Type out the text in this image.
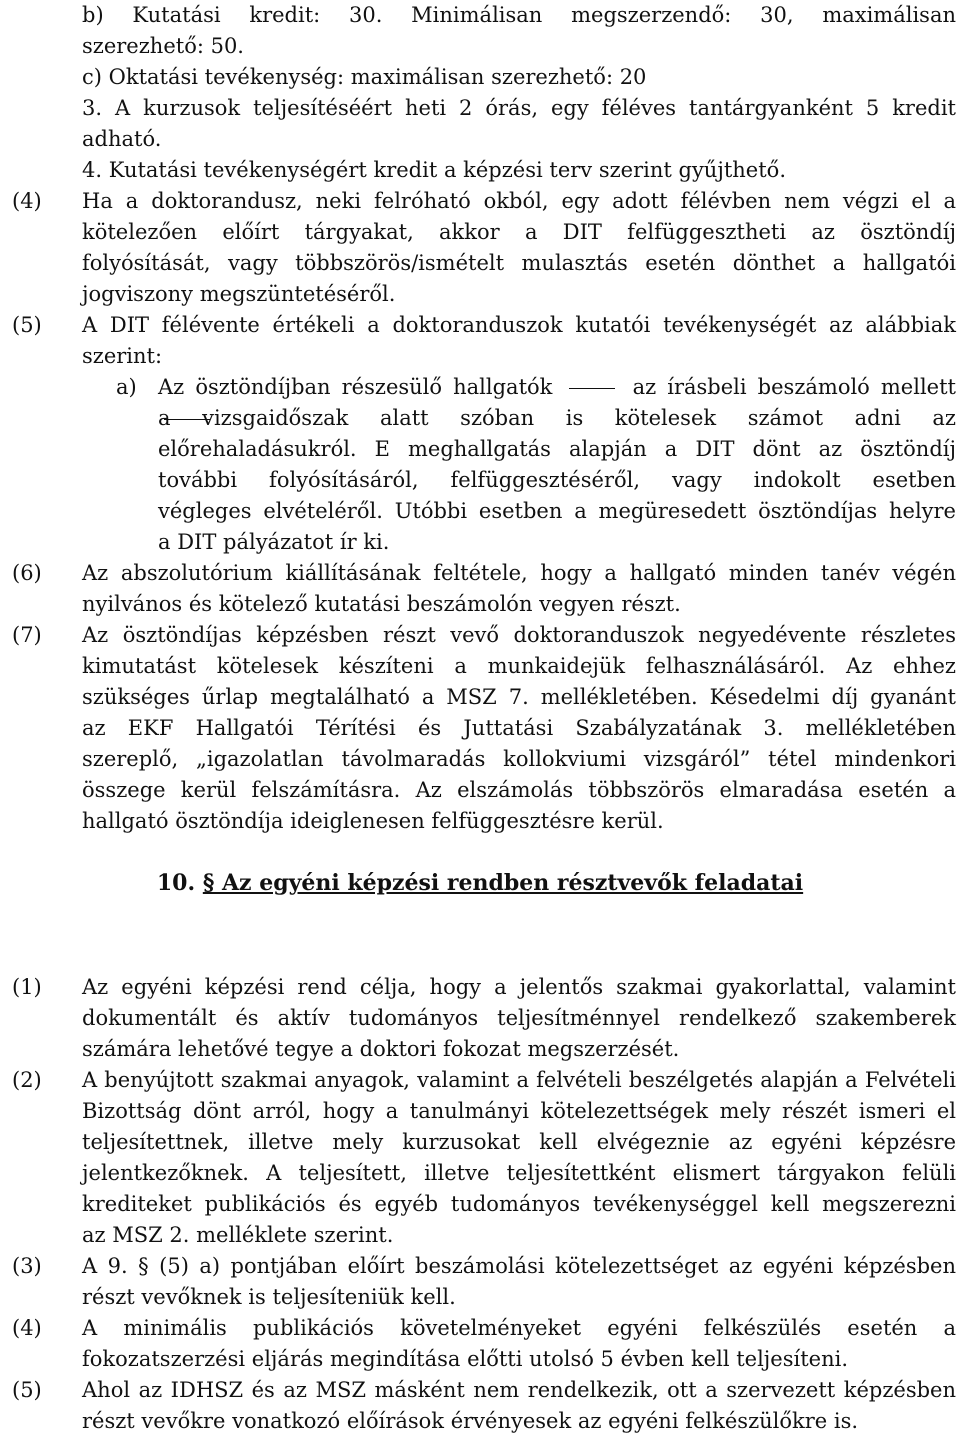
b) Kutatási kredit: 30. Minimálisan megszerzendő: 30, maximálisan
szerezhető: 50.
c) Oktatási tevékenység: maximálisan szerezhető: 20
3. A kurzusok teljesítéséért heti 2 órás, egy féléves tantárgyanként 5 kredit
adható.
4. Kutatási tevékenységért kredit a képzési terv szerint gyűjthető.
(4) Ha a doktorandusz, neki felróható okból, egy adott félévben nem végzi el a
kötelezően előírt tárgyakat, akkor a DIT felfüggesztheti az ösztöndíj
folyósítását, vagy többszörös/ismételt mulasztás esetén dönthet a hallgatói
jogviszony megszüntetéséről.
(5) A DIT félévente értékeli a doktoranduszok kutatói tevékenységét az alábbiak
szerint:
a) Az ösztöndíjban részesülő hallgatók	az írásbeli beszámoló mellett
a vizsgaidőszak alatt szóban is kötelesek számot adni az
előrehaladásukról. E meghallgatás alapján a DIT dönt az ösztöndíj
további folyósításáról, felfüggesztéséről, vagy indokolt esetben
végleges elvételéről. Utóbbi esetben a megüresedett ösztöndíjas helyre
a DIT pályázatot ír ki.
(6) Az abszolutórium kiállításának feltétele, hogy a hallgató minden tanév végén
nyilvános és kötelező kutatási beszámolón vegyen részt.
(7) Az ösztöndíjas képzésben részt vevő doktoranduszok negyedévente részletes
kimutatást kötelesek készíteni a munkaidejük felhasználásáról. Az ehhez
szükséges űrlap megtalálható a MSZ 7. mellékletében. Késedelmi díj gyanánt
az EKF Hallgatói Térítési és Juttatási Szabályzatának 3. mellékletében
szereplő, „igazolatlan távolmaradás kollokviumi vizsgáról” tétel mindenkori
összege kerül felszámításra. Az elszámolás többszörös elmaradása esetén a
hallgató ösztöndíja ideiglenesen felfüggesztésre kerül.
10. § Az egyéni képzési rendben résztvevők feladatai
(1) Az egyéni képzési rend célja, hogy a jelentős szakmai gyakorlattal, valamint
dokumentált és aktív tudományos teljesítménnyel rendelkező szakemberek
számára lehetővé tegye a doktori fokozat megszerzését.
(2) A benyújtott szakmai anyagok, valamint a felvételi beszélgetés alapján a Felvételi
Bizottság dönt arról, hogy a tanulmányi kötelezettségek mely részét ismeri el
teljesítettnek, illetve mely kurzusokat kell elvégeznie az egyéni képzésre
jelentkezőknek. A teljesített, illetve teljesítettként elismert tárgyakon felüli
krediteket publikációs és egyéb tudományos tevékenységgel kell megszerezni
az MSZ 2. melléklete szerint.
(3) A 9. § (5) a) pontjában előírt beszámolási kötelezettséget az egyéni képzésben
részt vevőknek is teljesíteniük kell.
(4) A minimális publikációs követelményeket egyéni felkészülés esetén a
fokozatszerzési eljárás megindítása előtti utolsó 5 évben kell teljesíteni.
(5) Ahol az IDHSZ és az MSZ másként nem rendelkezik, ott a szervezett képzésben
részt vevőkre vonatkozó előírások érvényesek az egyéni felkészülőkre is.
